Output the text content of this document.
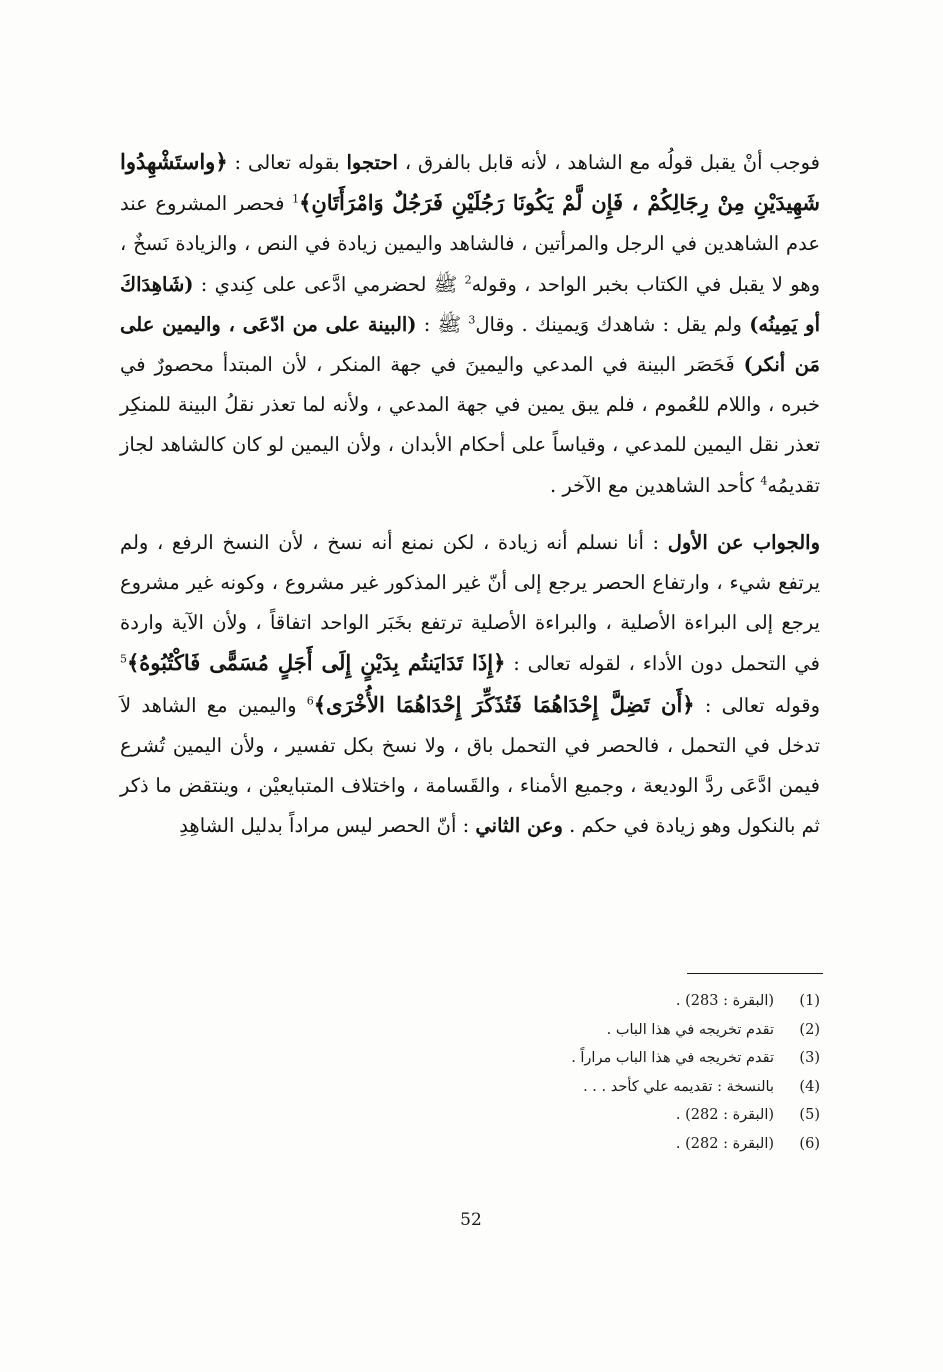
فوجب أنْ يقبل قولُه مع الشاهد ، لأنه قابل بالفرق ، احتجوا بقوله تعالى : ﴿واستَشْهِدُوا شَهِيدَيْنِ مِنْ رِجَالِكُمْ ، فَإِن لَّمْ يَكُونَا رَجُلَيْنِ فَرَجُلٌ وَامْرَأَتَانِ﴾$^1$ فحصر المشروع عند عدم الشاهدين في الرجل والمرأتين ، فالشاهد واليمين زيادة في النص ، والزيادة نَسخٌ ، وهو لا يقبل في الكتاب بخبر الواحد ، وقوله$^2$ ﷺ لحضرمي ادَّعى على كِندي : (شَاهِدَاكَ أو يَمِينُه) ولم يقل : شاهدك وَيمينك . وقال$^3$ ﷺ : (البينة على من ادّعَى ، واليمين على مَن أنكر) فَحَصَر البينة في المدعي واليمينَ في جهة المنكر ، لأن المبتدأ محصورٌ في خبره ، واللام للعُموم ، فلم يبق يمين في جهة المدعي ، ولأنه لما تعذر نقلُ البينة للمنكِر تعذر نقل اليمين للمدعي ، وقياساً على أحكام الأبدان ، ولأن اليمين لو كان كالشاهد لجاز تقديمُه$^4$ كأحد الشاهدين مع الآخر .

والجواب عن الأول : أنا نسلم أنه زيادة ، لكن نمنع أنه نسخ ، لأن النسخ الرفع ، ولم يرتفع شيء ، وارتفاع الحصر يرجع إلى أنّ غير المذكور غير مشروع ، وكونه غير مشروع يرجع إلى البراءة الأصلية ، والبراءة الأصلية ترتفع بخَبَر الواحد اتفاقاً ، ولأن الآية واردة في التحمل دون الأداء ، لقوله تعالى : ﴿إِذَا تَدَايَنتُم بِدَيْنٍ إِلَى أَجَلٍ مُسَمًّى فَاكْتُبُوهُ﴾$^5$ وقوله تعالى : ﴿أَن تَضِلَّ إِحْدَاهُمَا فَتُذَكِّرَ إِحْدَاهُمَا الأُخْرَى﴾$^6$ واليمين مع الشاهد لاَ تدخل في التحمل ، فالحصر في التحمل باق ، ولا نسخ بكل تفسير ، ولأن اليمين تُشرع فيمن ادَّعَى ردَّ الوديعة ، وجميع الأمناء ، والقَسامة ، واختلاف المتبايعيْن ، وينتقض ما ذكر ثم بالنكول وهو زيادة في حكم . وعن الثاني : أنّ الحصر ليس مراداً بدليل الشاهِدِ

(1)(البقرة : 283) .
(2)تقدم تخريجه في هذا الباب .
(3)تقدم تخريجه في هذا الباب مراراً .
(4)بالنسخة : تقديمه علي كأحد . . .
(5)(البقرة : 282) .
(6)(البقرة : 282) .
52
